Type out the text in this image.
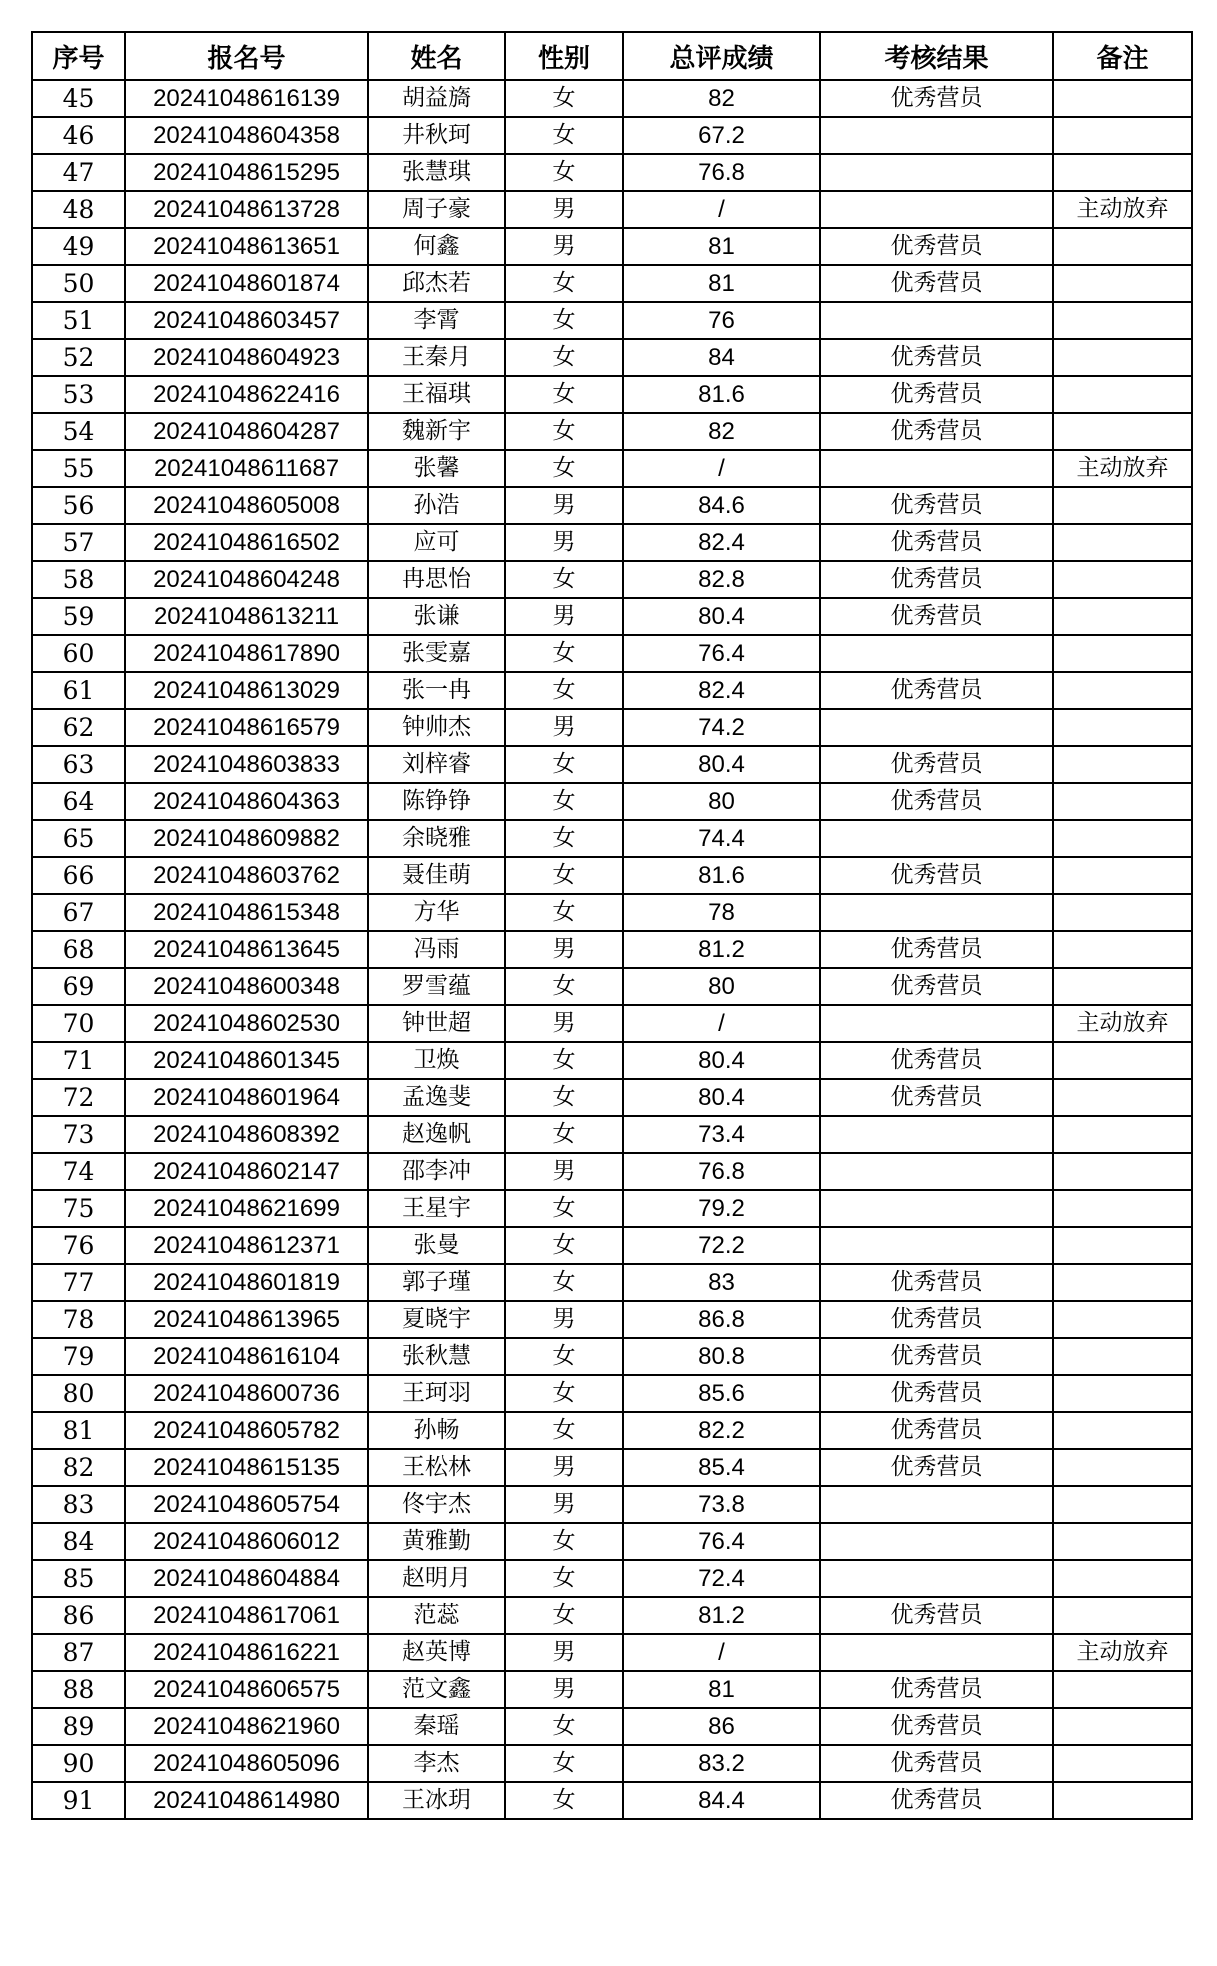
序号	报名号	姓名	性别	总评成绩	考核结果	备注
45	20241048616139	胡益旖	女	82	优秀营员	
46	20241048604358	井秋珂	女	67.2		
47	20241048615295	张慧琪	女	76.8		
48	20241048613728	周子豪	男	/		主动放弃
49	20241048613651	何鑫	男	81	优秀营员	
50	20241048601874	邱杰若	女	81	优秀营员	
51	20241048603457	李霄	女	76		
52	20241048604923	王秦月	女	84	优秀营员	
53	20241048622416	王福琪	女	81.6	优秀营员	
54	20241048604287	魏新宇	女	82	优秀营员	
55	20241048611687	张馨	女	/		主动放弃
56	20241048605008	孙浩	男	84.6	优秀营员	
57	20241048616502	应可	男	82.4	优秀营员	
58	20241048604248	冉思怡	女	82.8	优秀营员	
59	20241048613211	张谦	男	80.4	优秀营员	
60	20241048617890	张雯嘉	女	76.4		
61	20241048613029	张一冉	女	82.4	优秀营员	
62	20241048616579	钟帅杰	男	74.2		
63	20241048603833	刘梓睿	女	80.4	优秀营员	
64	20241048604363	陈铮铮	女	80	优秀营员	
65	20241048609882	余晓雅	女	74.4		
66	20241048603762	聂佳萌	女	81.6	优秀营员	
67	20241048615348	方华	女	78		
68	20241048613645	冯雨	男	81.2	优秀营员	
69	20241048600348	罗雪蕴	女	80	优秀营员	
70	20241048602530	钟世超	男	/		主动放弃
71	20241048601345	卫焕	女	80.4	优秀营员	
72	20241048601964	孟逸斐	女	80.4	优秀营员	
73	20241048608392	赵逸帆	女	73.4		
74	20241048602147	邵李冲	男	76.8		
75	20241048621699	王星宇	女	79.2		
76	20241048612371	张曼	女	72.2		
77	20241048601819	郭子瑾	女	83	优秀营员	
78	20241048613965	夏晓宇	男	86.8	优秀营员	
79	20241048616104	张秋慧	女	80.8	优秀营员	
80	20241048600736	王珂羽	女	85.6	优秀营员	
81	20241048605782	孙畅	女	82.2	优秀营员	
82	20241048615135	王松林	男	85.4	优秀营员	
83	20241048605754	佟宇杰	男	73.8		
84	20241048606012	黄雅勤	女	76.4		
85	20241048604884	赵明月	女	72.4		
86	20241048617061	范蕊	女	81.2	优秀营员	
87	20241048616221	赵英博	男	/		主动放弃
88	20241048606575	范文鑫	男	81	优秀营员	
89	20241048621960	秦瑶	女	86	优秀营员	
90	20241048605096	李杰	女	83.2	优秀营员	
91	20241048614980	王冰玥	女	84.4	优秀营员	
